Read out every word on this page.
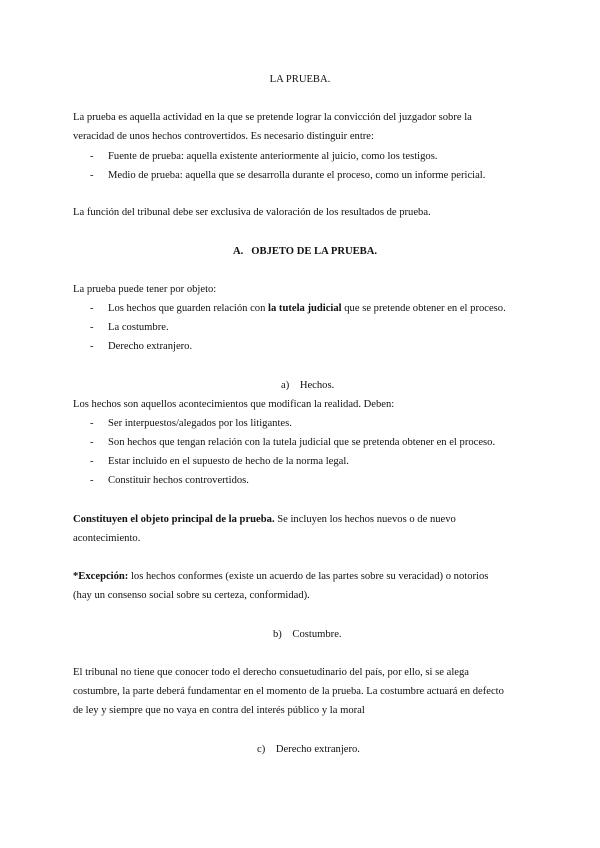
LA PRUEBA.
La prueba es aquella actividad en la que se pretende lograr la convicción del juzgador sobre la
veracidad de unos hechos controvertidos. Es necesario distinguir entre:
- Fuente de prueba: aquella existente anteriormente al juicio, como los testigos.
- Medio de prueba: aquella que se desarrolla durante el proceso, como un informe pericial.
La función del tribunal debe ser exclusiva de valoración de los resultados de prueba.
A. OBJETO DE LA PRUEBA.
La prueba puede tener por objeto:
- Los hechos que guarden relación con la tutela judicial que se pretende obtener en el proceso.
- La costumbre.
- Derecho extranjero.
a) Hechos.
Los hechos son aquellos acontecimientos que modifican la realidad. Deben:
- Ser interpuestos/alegados por los litigantes.
- Son hechos que tengan relación con la tutela judicial que se pretenda obtener en el proceso.
- Estar incluido en el supuesto de hecho de la norma legal.
- Constituir hechos controvertidos.
Constituyen el objeto principal de la prueba. Se incluyen los hechos nuevos o de nuevo
acontecimiento.
*Excepción: los hechos conformes (existe un acuerdo de las partes sobre su veracidad) o notorios
(hay un consenso social sobre su certeza, conformidad).
b) Costumbre.
El tribunal no tiene que conocer todo el derecho consuetudinario del país, por ello, si se alega
costumbre, la parte deberá fundamentar en el momento de la prueba. La costumbre actuará en defecto
de ley y siempre que no vaya en contra del interés público y la moral
c) Derecho extranjero.
